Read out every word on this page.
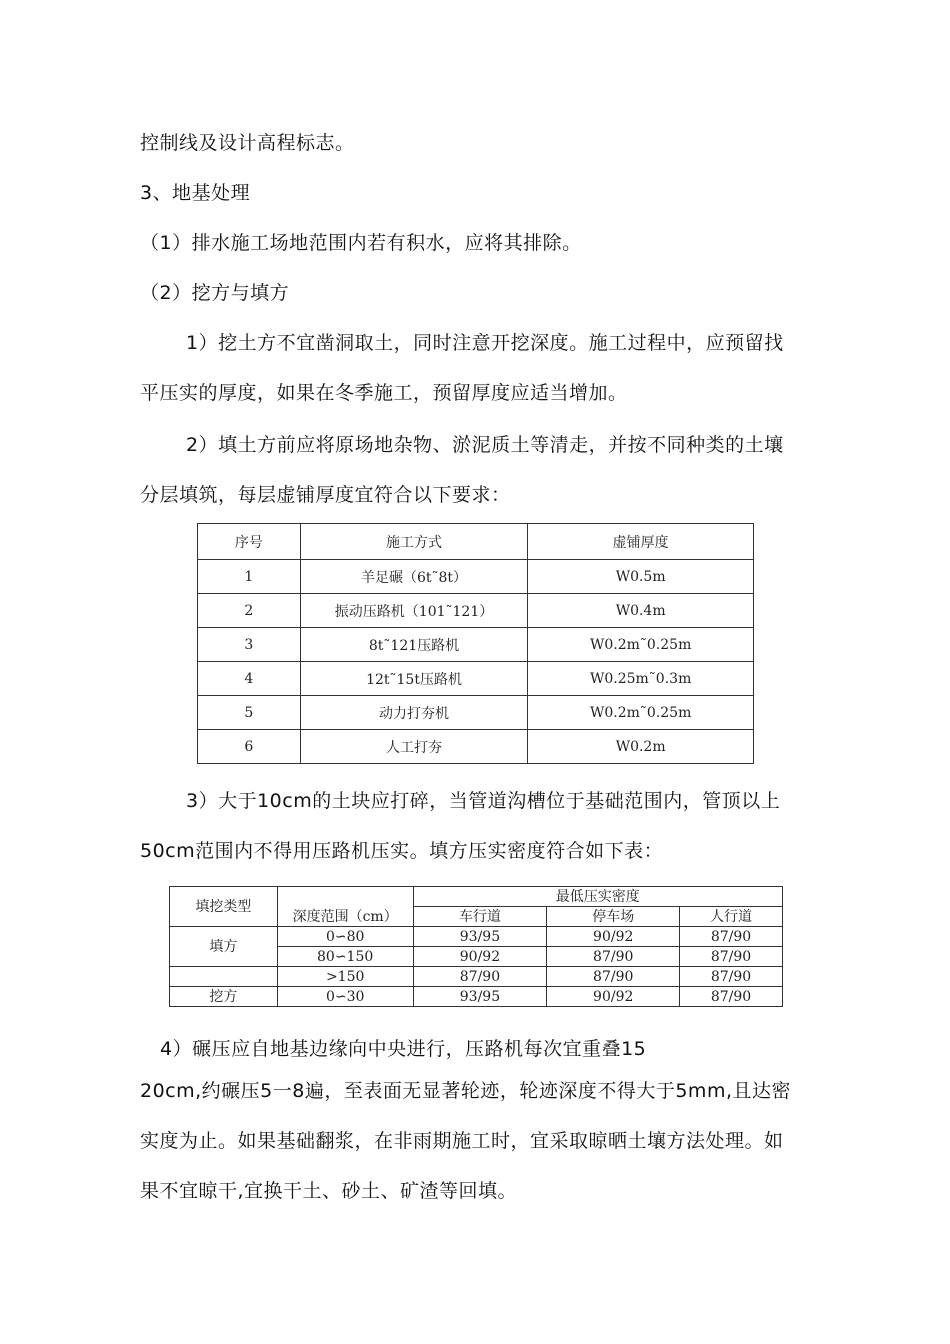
控制线及设计高程标志。
3、地基处理
（1）排水施工场地范围内若有积水，应将其排除。
（2）挖方与填方
1）挖土方不宜凿洞取土，同时注意开挖深度。施工过程中，应预留找
平压实的厚度，如果在冬季施工，预留厚度应适当增加。
2）填土方前应将原场地杂物、淤泥质土等清走，并按不同种类的土壤
分层填筑，每层虚铺厚度宜符合以下要求：
序号	施工方式	虚铺厚度
1	羊足碾（6t˜8t）	W0.5m
2	振动压路机（101˜121）	W0.4m
3	8t˜121压路机	W0.2m˜0.25m
4	12t˜15t压路机	W0.25m˜0.3m
5	动力打夯机	W0.2m˜0.25m
6	人工打夯	W0.2m
3）大于10cm的土块应打碎，当管道沟槽位于基础范围内，管顶以上
50cm范围内不得用压路机压实。填方压实密度符合如下表：
填挖类型	深度范围（cm）	最低压实密度		
		车行道	停车场	人行道
填方	0∽80	93/95	90/92	87/90
	80∽150	90/92	87/90	87/90
	>150	87/90	87/90	87/90
挖方	0∽30	93/95	90/92	87/90
4）碾压应自地基边缘向中央进行，压路机每次宜重叠15
20cm,约碾压5一8遍，至表面无显著轮迹，轮迹深度不得大于5mm,且达密
实度为止。如果基础翻浆，在非雨期施工时，宜采取晾晒土壤方法处理。如
果不宜晾干,宜换干土、砂土、矿渣等回填。
